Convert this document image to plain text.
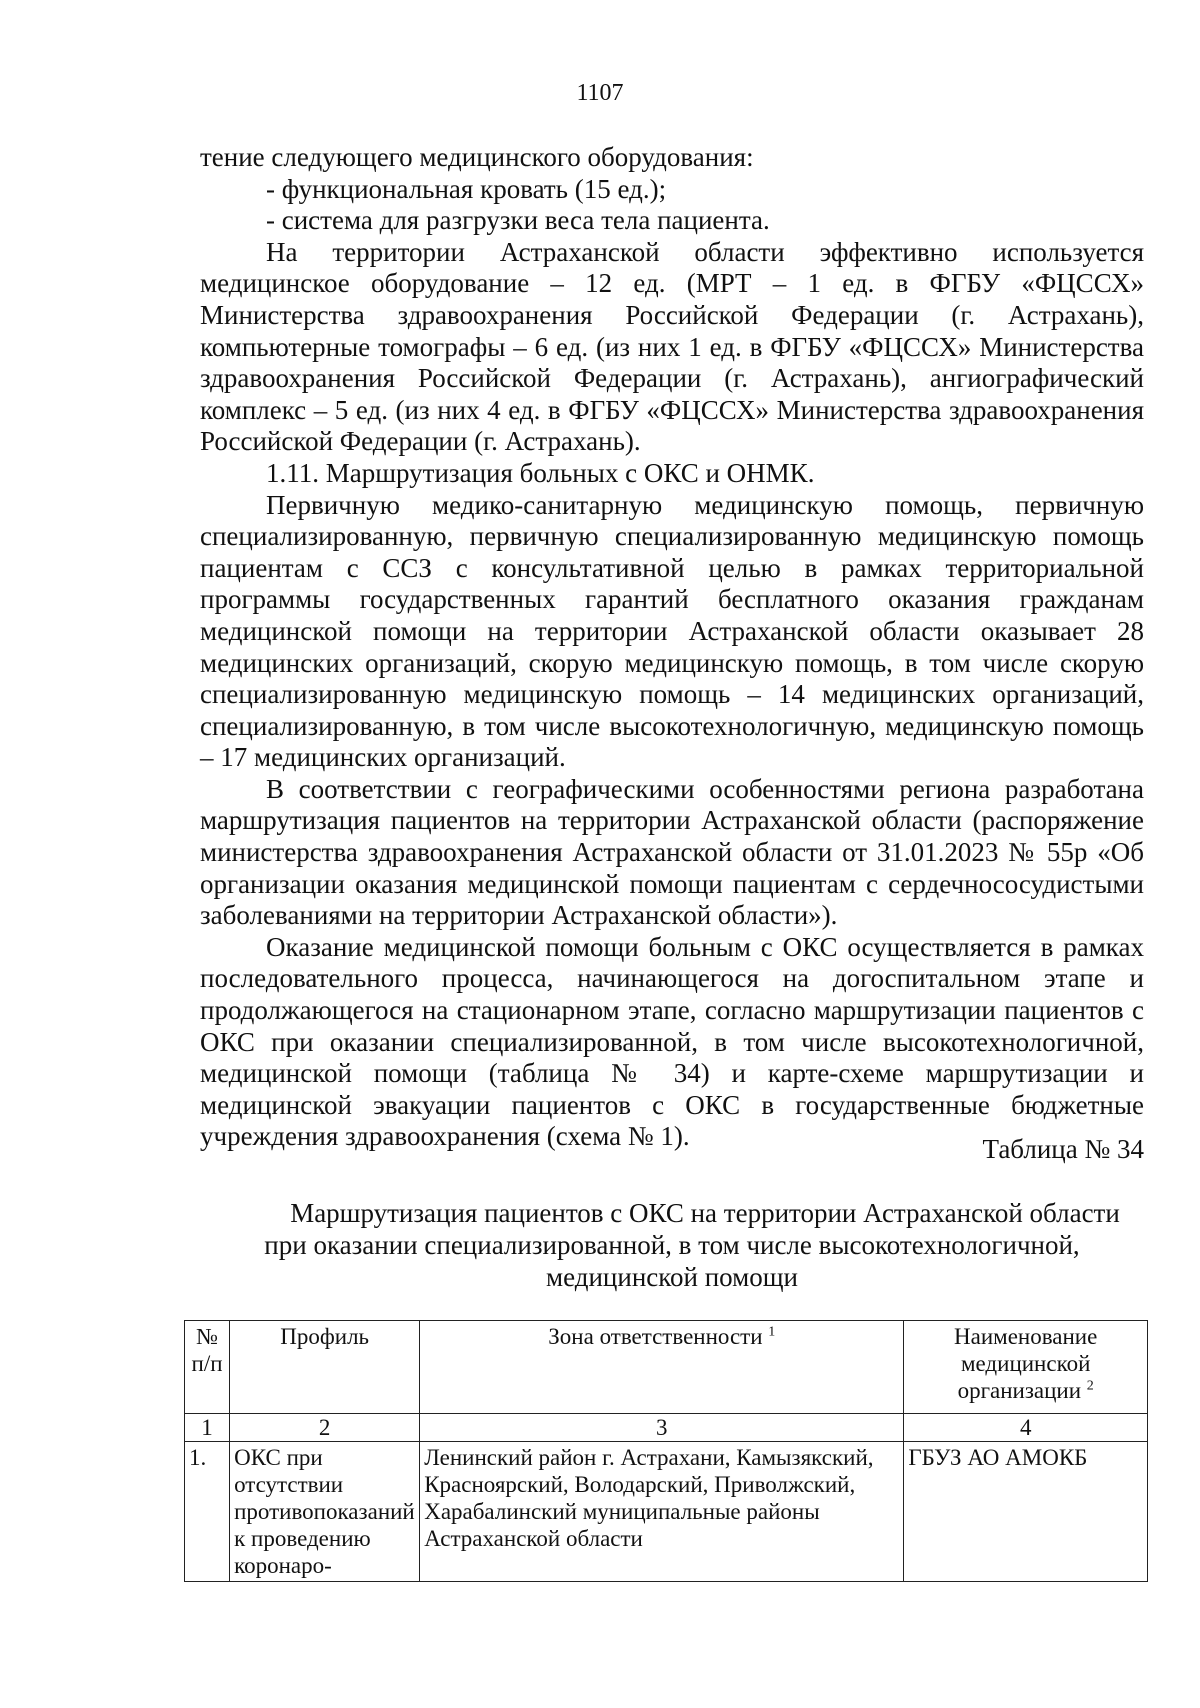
1107

тение следующего медицинского оборудования:

- функциональная кровать (15 ед.);

- система для разгрузки веса тела пациента.

На территории Астраханской области эффективно используется медицинское оборудование – 12 ед. (МРТ – 1 ед. в ФГБУ «ФЦССХ» Министерства здравоохранения Российской Федерации (г. Астрахань), компьютерные томографы – 6 ед. (из них 1 ед. в ФГБУ «ФЦССХ» Министерства здравоохранения Российской Федерации (г. Астрахань), ангиографический комплекс – 5 ед. (из них 4 ед. в ФГБУ «ФЦССХ» Министерства здравоохранения Российской Федерации (г. Астрахань).

1.11. Маршрутизация больных с ОКС и ОНМК.

Первичную медико-санитарную медицинскую помощь, первичную специализированную, первичную специализированную медицинскую помощь пациентам с ССЗ с консультативной целью в рамках территориальной программы государственных гарантий бесплатного оказания гражданам медицинской помощи на территории Астраханской области оказывает 28 медицинских организаций, скорую медицинскую помощь, в том числе скорую специализированную медицинскую помощь – 14 медицинских организаций, специализированную, в том числе высокотехнологичную, медицинскую помощь – 17 медицинских организаций.

В соответствии с географическими особенностями региона разработана маршрутизация пациентов на территории Астраханской области (распоряжение министерства здравоохранения Астраханской области от 31.01.2023 № 55р «Об организации оказания медицинской помощи пациентам с сердечнососудистыми заболеваниями на территории Астраханской области»).

Оказание медицинской помощи больным с ОКС осуществляется в рамках последовательного процесса, начинающегося на догоспитальном этапе и продолжающегося на стационарном этапе, согласно маршрутизации пациентов с ОКС при оказании специализированной, в том числе высокотехнологичной, медицинской помощи (таблица № 34) и карте-схеме маршрутизации и медицинской эвакуации пациентов с ОКС в государственные бюджетные учреждения здравоохранения (схема № 1).	Таблица № 34
Маршрутизация пациентов с ОКС на территории Астраханской области при оказании специализированной, в том числе высокотехнологичной, медицинской помощи
№ п/п	Профиль	Зона ответственности $^1$	Наименование медицинской организации $^2$
1	2	3	4
1.	ОКС при отсутствии противопоказаний к проведению коронаро-	Ленинский район г. Астрахани, Камызякский, Красноярский, Володарский, Приволжский, Харабалинский муниципальные районы Астраханской области	ГБУЗ АО АМОКБ
